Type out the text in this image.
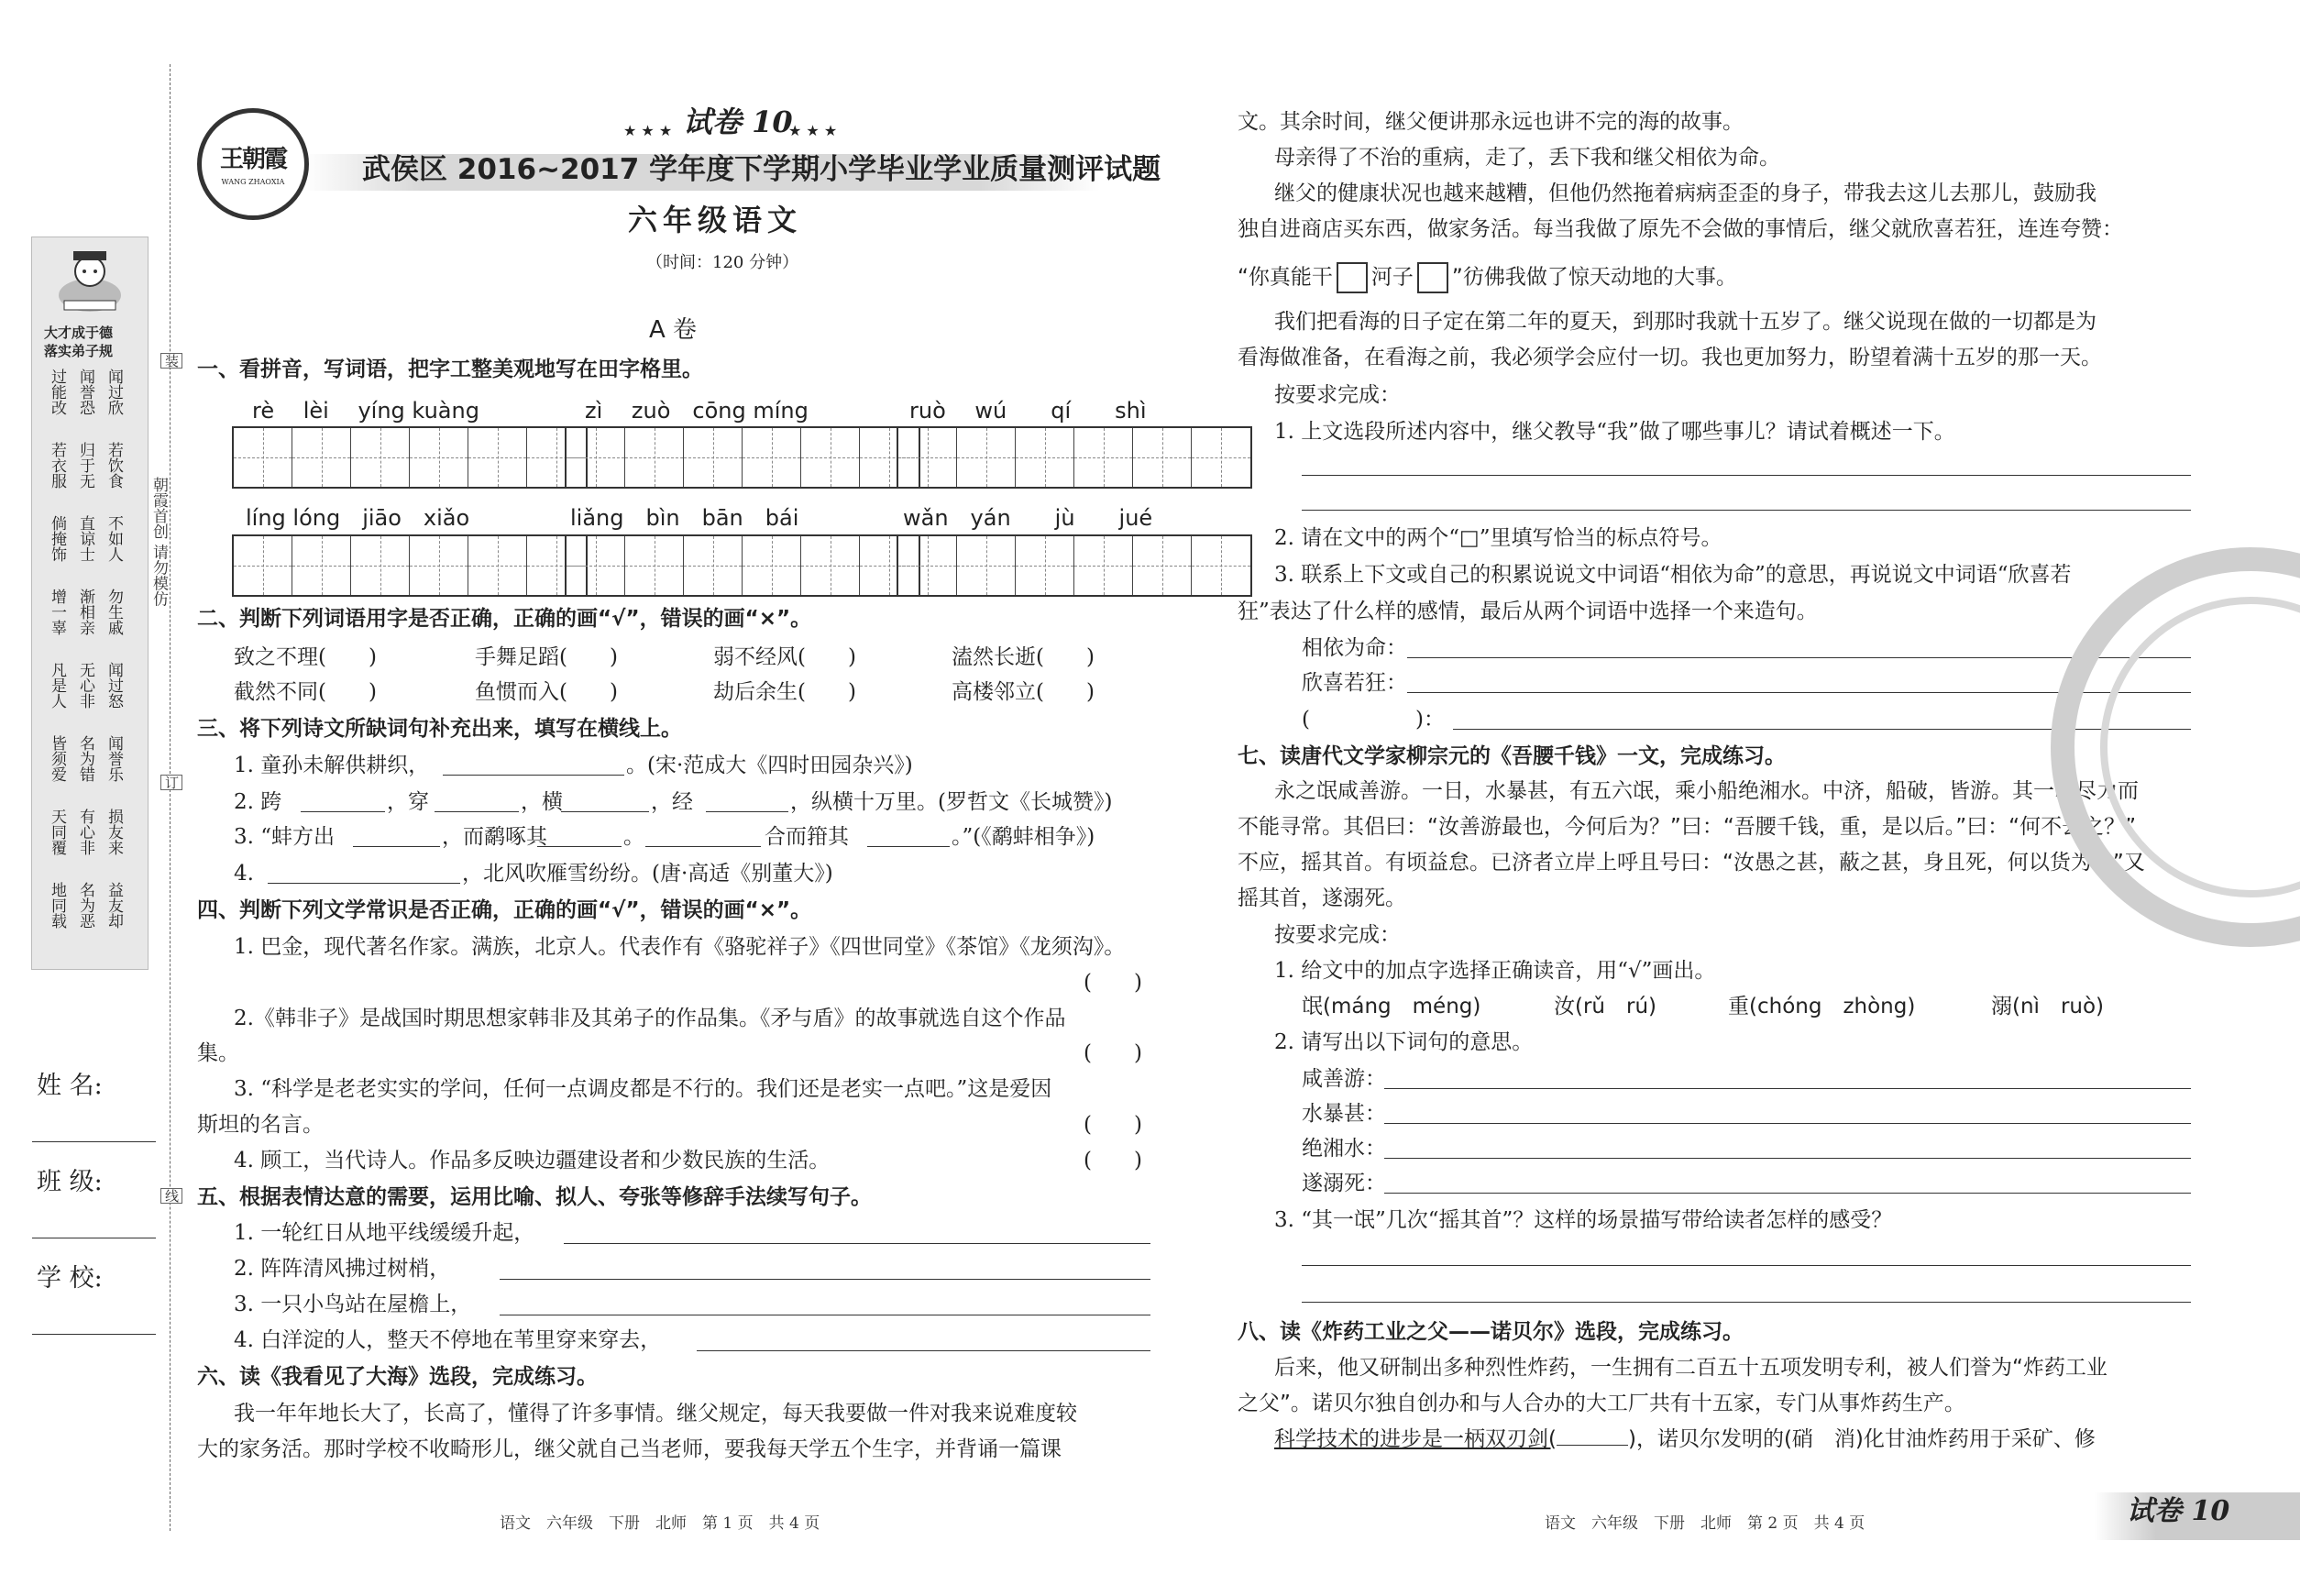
大才成于德
落实弟子规
过能改 闻誉恐 闻过欣
若衣服 归于无 若饮食
倘掩饰 直谅士 不如人
增一辜 渐相亲 勿生戚
凡是人 无心非 闻过怒
皆须爱 名为错 闻誉乐
天同覆 有心非 损友来
地同载 名为恶 益友却
朝霞首创 请勿模仿
装
订
线
姓 名:
班 级:
学 校:
王朝霞
WANG ZHAOXIA
★ ★ ★ 试卷 10
★ ★ ★
武侯区 2016~2017 学年度下学期小学毕业学业质量测评试题
六年级语文
（时间：120 分钟）
A 卷
一、看拼音，写词语，把字工整美观地写在田字格里。
rè　 lèi　 yíng kuàng	zì　 zuò　cōng míng	ruò　 wú　　qí　　shì
líng lóng　jiāo　xiǎo	liǎng　bìn　bān　bái	wǎn　yán　　jù　　jué
二、判断下列词语用字是否正确，正确的画“√”，错误的画“×”。
致之不理(　　)	手舞足蹈(　　)	弱不经风(　　)	溘然长逝(　　)
截然不同(　　)	鱼惯而入(　　)	劫后余生(　　)	高楼邻立(　　)
三、将下列诗文所缺词句补充出来，填写在横线上。
1. 童孙未解供耕织，	。(宋·范成大《四时田园杂兴》)
2. 跨	，穿	，横	，经	，纵横十万里。(罗哲文《长城赞》)
3. “蚌方出	，而鹬啄其	。	合而箝其	。”(《鹬蚌相争》)
4.	，北风吹雁雪纷纷。(唐·高适《别董大》)
四、判断下列文学常识是否正确，正确的画“√”，错误的画“×”。
1. 巴金，现代著名作家。满族，北京人。代表作有《骆驼祥子》《四世同堂》《茶馆》《龙须沟》。
(　　)
2.《韩非子》是战国时期思想家韩非及其弟子的作品集。《矛与盾》的故事就选自这个作品
集。	(　　)
3. “科学是老老实实的学问，任何一点调皮都是不行的。我们还是老实一点吧。”这是爱因
斯坦的名言。	(　　)
4. 顾工，当代诗人。作品多反映边疆建设者和少数民族的生活。	(　　)
五、根据表情达意的需要，运用比喻、拟人、夸张等修辞手法续写句子。
1. 一轮红日从地平线缓缓升起，
2. 阵阵清风拂过树梢，
3. 一只小鸟站在屋檐上，
4. 白洋淀的人，整天不停地在苇里穿来穿去，
六、读《我看见了大海》选段，完成练习。
我一年年地长大了，长高了，懂得了许多事情。继父规定，每天我要做一件对我来说难度较
大的家务活。那时学校不收畸形儿，继父就自己当老师，要我每天学五个生字，并背诵一篇课
语文　六年级　下册　北师　第 1 页　共 4 页
文。其余时间，继父便讲那永远也讲不完的海的故事。
母亲得了不治的重病，走了，丢下我和继父相依为命。
继父的健康状况也越来越糟，但他仍然拖着病病歪歪的身子，带我去这儿去那儿，鼓励我
独自进商店买东西，做家务活。每当我做了原先不会做的事情后，继父就欣喜若狂，连连夸赞：
“你真能干 河子 ”彷佛我做了惊天动地的大事。
我们把看海的日子定在第二年的夏天，到那时我就十五岁了。继父说现在做的一切都是为
看海做准备，在看海之前，我必须学会应付一切。我也更加努力，盼望着满十五岁的那一天。
按要求完成：
1. 上文选段所述内容中，继父教导“我”做了哪些事儿？请试着概述一下。
2. 请在文中的两个“□”里填写恰当的标点符号。
3. 联系上下文或自己的积累说说文中词语“相依为命”的意思，再说说文中词语“欣喜若
狂”表达了什么样的感情，最后从两个词语中选择一个来造句。
相依为命：
欣喜若狂：
(　　　　　)：
七、读唐代文学家柳宗元的《吾腰千钱》一文，完成练习。
永之氓咸善游。一日，水暴甚，有五六氓，乘小船绝湘水。中济，船破，皆游。其一氓尽力而
不能寻常。其侣曰：“汝善游最也，今何后为？”曰：“吾腰千钱，重，是以后。”曰：“何不去之？”
不应，摇其首。有顷益怠。已济者立岸上呼且号曰：“汝愚之甚，蔽之甚，身且死，何以货为？”又
摇其首，遂溺死。
按要求完成：
1. 给文中的加点字选择正确读音，用“√”画出。
氓(máng　méng)	汝(rǔ　rú)	重(chóng　zhòng)	溺(nì　ruò)
2. 请写出以下词句的意思。
咸善游：
水暴甚：
绝湘水：
遂溺死：
3. “其一氓”几次“摇其首”？这样的场景描写带给读者怎样的感受？
八、读《炸药工业之父——诺贝尔》选段，完成练习。
后来，他又研制出多种烈性炸药，一生拥有二百五十五项发明专利，被人们誉为“炸药工业
之父”。诺贝尔独自创办和与人合办的大工厂共有十五家，专门从事炸药生产。
科学技术的进步是一柄双刃剑(	)，诺贝尔发明的(硝　消)化甘油炸药用于采矿、修
语文　六年级　下册　北师　第 2 页　共 4 页	试卷 10
